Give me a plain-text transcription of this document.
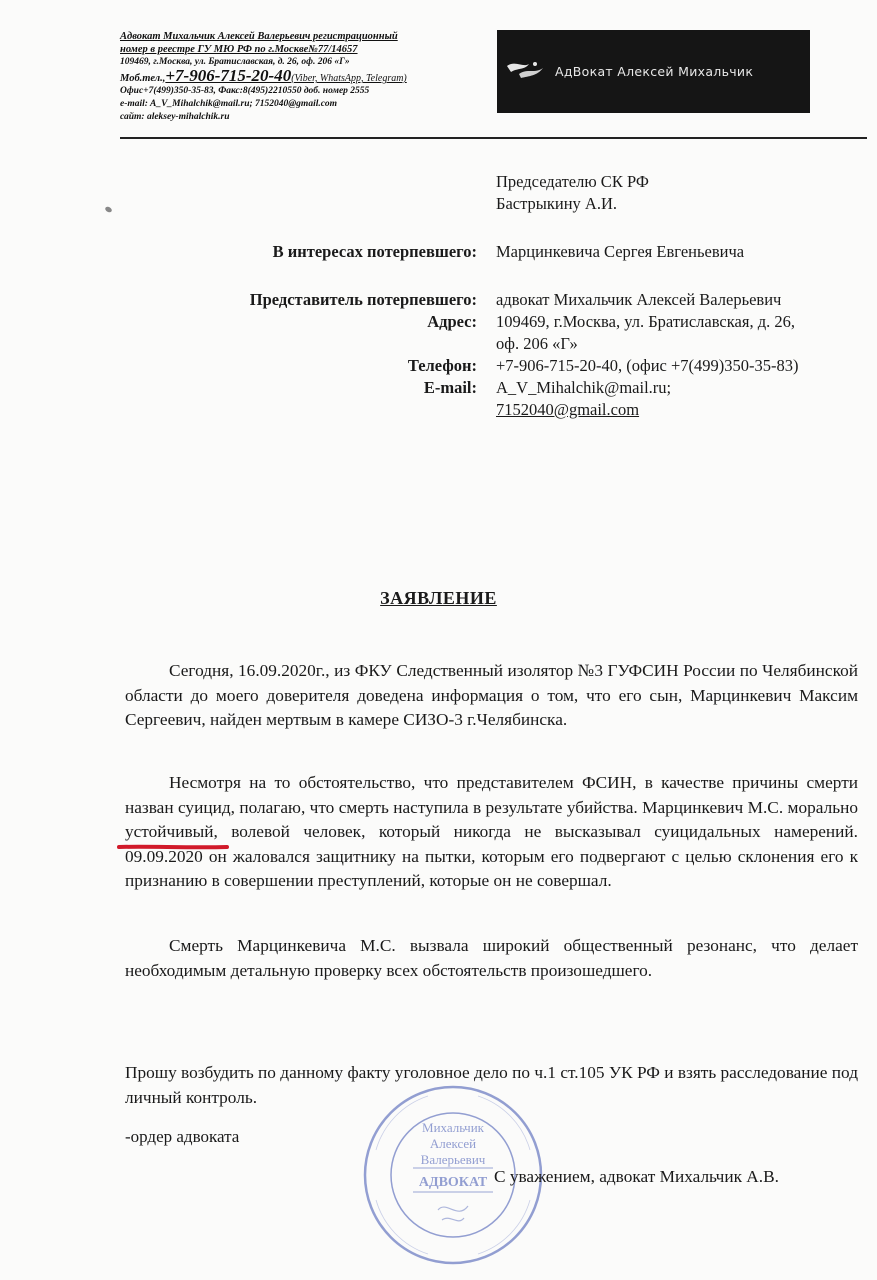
Адвокат Михальчик Алексей Валерьевич регистрационный
номер в реестре ГУ МЮ РФ по г.Москве№77/14657
109469, г.Москва, ул. Братиславская, д. 26, оф. 206 «Г»
Моб.тел.,+7-906-715-20-40(Viber, WhatsApp, Telegram)
Офис+7(499)350-35-83, Факс:8(495)2210550 доб. номер 2555
e-mail: A_V_Mihalchik@mail.ru; 7152040@gmail.com
сайт: aleksey-mihalchik.ru
АдВокат Алексей Михальчик
Председателю СК РФ
Бастрыкину А.И.
В интересах потерпевшего: Марцинкевича Сергея Евгеньевича
Представитель потерпевшего: адвокат Михальчик Алексей Валерьевич
Адрес: 109469, г.Москва, ул. Братиславская, д. 26,
оф. 206 «Г»
Телефон: +7-906-715-20-40, (офис +7(499)350-35-83)
E-mail: A_V_Mihalchik@mail.ru;
7152040@gmail.com
ЗАЯВЛЕНИЕ
Сегодня, 16.09.2020г., из ФКУ Следственный изолятор №3 ГУФСИН России по Челябинской области до моего доверителя доведена информация о том, что его сын, Марцинкевич Максим Сергеевич, найден мертвым в камере СИЗО-3 г.Челябинска.
Несмотря на то обстоятельство, что представителем ФСИН, в качестве причины смерти назван суицид, полагаю, что смерть наступила в результате убийства. Марцинкевич М.С. морально устойчивый, волевой человек, который никогда не высказывал суицидальных намерений. 09.09.2020 он жаловался защитнику на пытки, которым его подвергают с целью склонения его к признанию в совершении преступлений, которые он не совершал.
Смерть Марцинкевича М.С. вызвала широкий общественный резонанс, что делает необходимым детальную проверку всех обстоятельств произошедшего.
Прошу возбудить по данному факту уголовное дело по ч.1 ст.105 УК РФ и взять расследование под личный контроль.
-ордер адвоката	Михальчик
Алексей
Валерьевич
АДВОКАТ С уважением, адвокат Михальчик А.В.
